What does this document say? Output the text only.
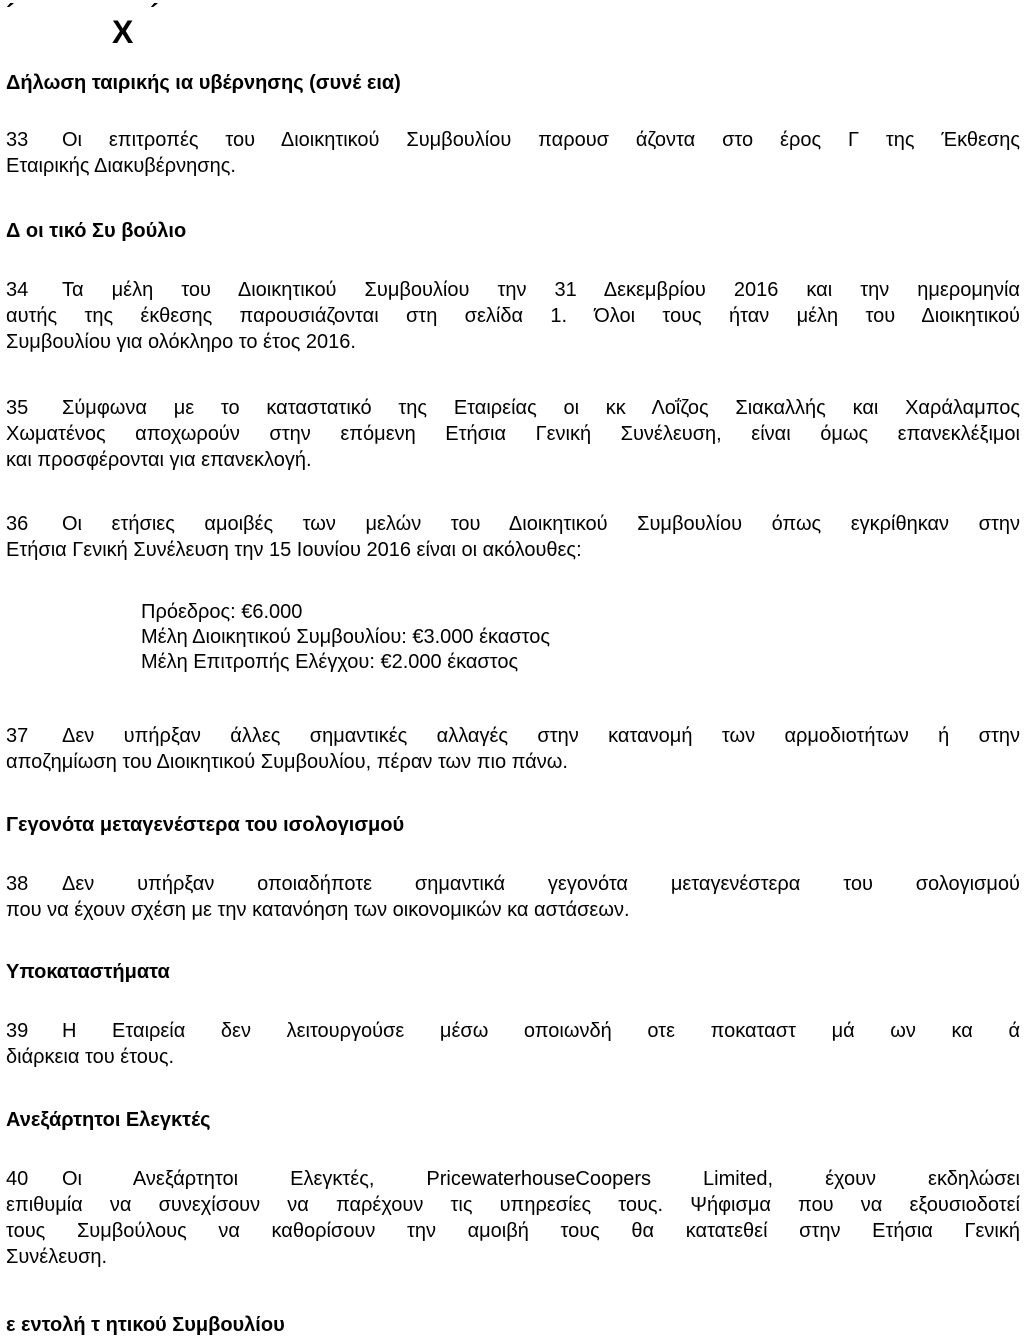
´
X
´
Δήλωση ταιρικής ια υβέρνησης (συνέ εια)
33 Οι επιτροπές του Διοικητικού Συμβουλίου παρουσ άζοντα στο έρος Γ της Έκθεσης
Εταιρικής Διακυβέρνησης.
Δ οι τικό Συ βούλιο
34 Τα μέλη του Διοικητικού Συμβουλίου την 31 Δεκεμβρίου 2016 και την ημερομηνία
αυτής της έκθεσης παρουσιάζονται στη σελίδα 1. Όλοι τους ήταν μέλη του Διοικητικού
Συμβουλίου για ολόκληρο το έτος 2016.
35 Σύμφωνα με το καταστατικό της Εταιρείας οι κκ Λοΐζος Σιακαλλής και Χαράλαμπος
Χωματένος αποχωρούν στην επόμενη Ετήσια Γενική Συνέλευση, είναι όμως επανεκλέξιμοι
και προσφέρονται για επανεκλογή.
36 Οι ετήσιες αμοιβές των μελών του Διοικητικού Συμβουλίου όπως εγκρίθηκαν στην
Ετήσια Γενική Συνέλευση την 15 Ιουνίου 2016 είναι οι ακόλουθες:
Πρόεδρος: €6.000
Μέλη Διοικητικού Συμβουλίου: €3.000 έκαστος
Μέλη Επιτροπής Ελέγχου: €2.000 έκαστος
37 Δεν υπήρξαν άλλες σημαντικές αλλαγές στην κατανομή των αρμοδιοτήτων ή στην
αποζημίωση του Διοικητικού Συμβουλίου, πέραν των πιο πάνω.
Γεγονότα μεταγενέστερα του ισολογισμού
38 Δεν υπήρξαν οποιαδήποτε σημαντικά γεγονότα μεταγενέστερα του σολογισμού
που να έχουν σχέση με την κατανόηση των οικονομικών κα αστάσεων.
Υποκαταστήματα
39 Η Εταιρεία δεν λειτουργούσε μέσω οποιωνδή οτε ποκαταστ μά ων κα ά
διάρκεια του έτους.
Ανεξάρτητοι Ελεγκτές
40 Οι Ανεξάρτητοι Ελεγκτές, PricewaterhouseCoopers Limited, έχουν εκδηλώσει
επιθυμία να συνεχίσουν να παρέχουν τις υπηρεσίες τους. Ψήφισμα που να εξουσιοδοτεί
τους Συμβούλους να καθορίσουν την αμοιβή τους θα κατατεθεί στην Ετήσια Γενική
Συνέλευση.
ε εντολή τ ητικού Συμβουλίου
